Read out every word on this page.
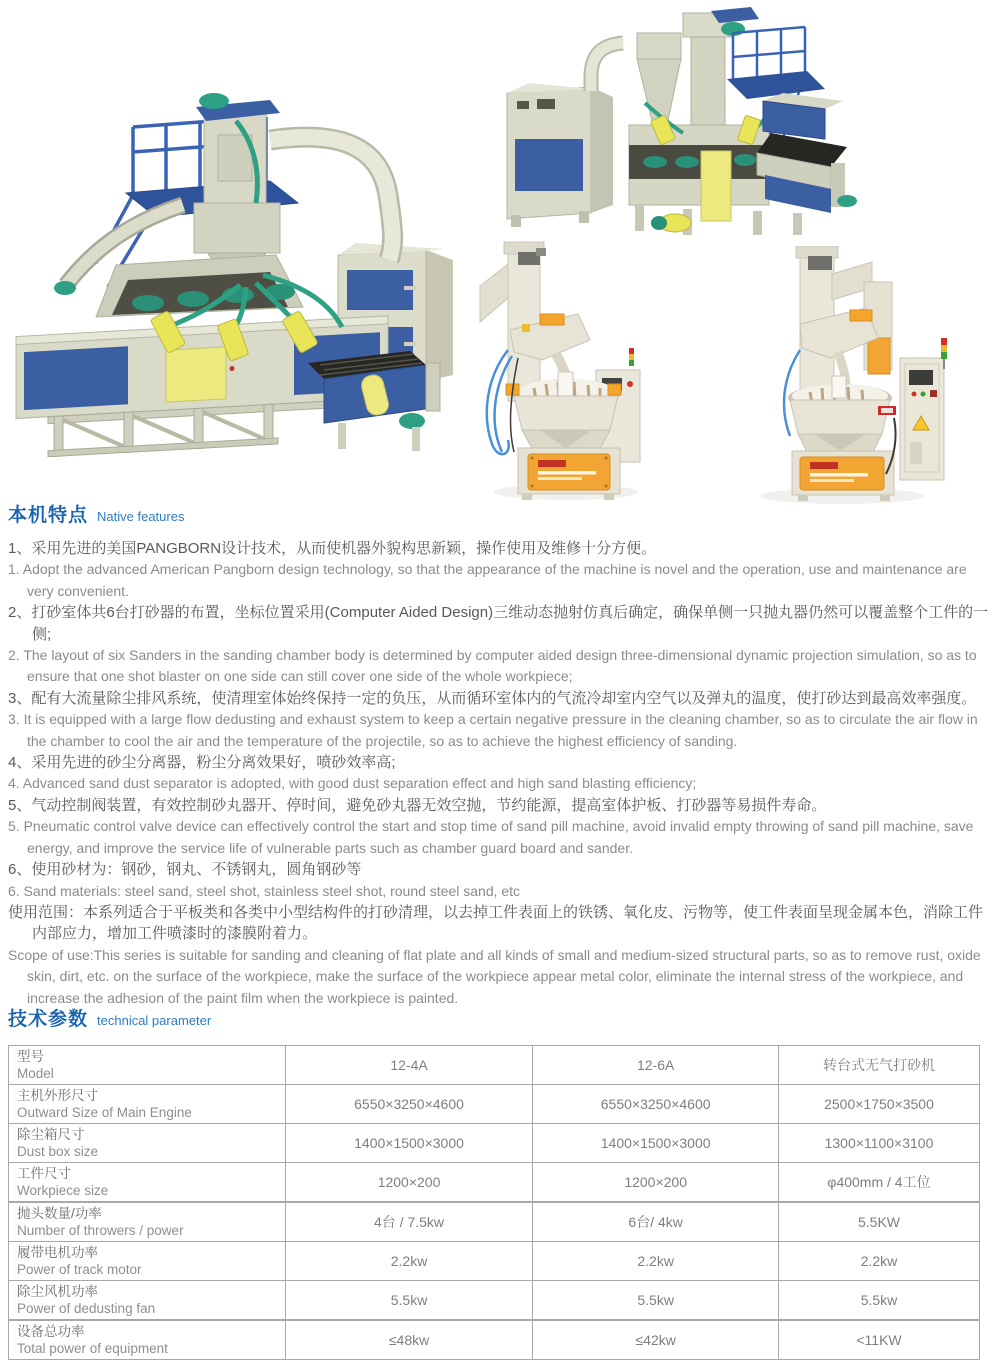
本机特点 Native features

1、采用先进的美国PANGBORN设计技术，从而使机器外貌构思新颖，操作使用及维修十分方便。

1. Adopt the advanced American Pangborn design technology, so that the appearance of the machine is novel and the operation, use and maintenance are very convenient.

2、打砂室体共6台打砂器的布置，坐标位置采用(Computer Aided Design)三维动态抛射仿真后确定，确保单侧一只抛丸器仍然可以覆盖整个工件的一侧;

2. The layout of six Sanders in the sanding chamber body is determined by computer aided design three-dimensional dynamic projection simulation, so as to ensure that one shot blaster on one side can still cover one side of the whole workpiece;

3、配有大流量除尘排风系统，使清理室体始终保持一定的负压，从而循环室体内的气流冷却室内空气以及弹丸的温度，使打砂达到最高效率强度。

3. It is equipped with a large flow dedusting and exhaust system to keep a certain negative pressure in the cleaning chamber, so as to circulate the air flow in the chamber to cool the air and the temperature of the projectile, so as to achieve the highest efficiency of sanding.

4、采用先进的砂尘分离器，粉尘分离效果好，喷砂效率高;

4. Advanced sand dust separator is adopted, with good dust separation effect and high sand blasting efficiency;

5、气动控制阀装置，有效控制砂丸器开、停时间，避免砂丸器无效空抛，节约能源，提高室体护板、打砂器等易损件寿命。

5. Pneumatic control valve device can effectively control the start and stop time of sand pill machine, avoid invalid empty throwing of sand pill machine, save energy, and improve the service life of vulnerable parts such as chamber guard board and sander.

6、使用砂材为：钢砂，钢丸、不锈钢丸，圆角钢砂等

6. Sand materials: steel sand, steel shot, stainless steel shot, round steel sand, etc

使用范围：本系列适合于平板类和各类中小型结构件的打砂清理，以去掉工件表面上的铁锈、氧化皮、污物等，使工件表面呈现金属本色，消除工件内部应力，增加工件喷漆时的漆膜附着力。

Scope of use:This series is suitable for sanding and cleaning of flat plate and all kinds of small and medium-sized structural parts, so as to remove rust, oxide skin, dirt, etc. on the surface of the workpiece, make the surface of the workpiece appear metal color, eliminate the internal stress of the workpiece, and increase the adhesion of the paint film when the workpiece is painted.

技术参数 technical parameter
型号
Model	12-4A	12-6A	转台式无气打砂机

主机外形尺寸
Outward Size of Main Engine	6550×3250×4600	6550×3250×4600	2500×1750×3500

除尘箱尺寸
Dust box size	1400×1500×3000	1400×1500×3000	1300×1100×3100

工件尺寸
Workpiece size	1200×200	1200×200	φ400mm / 4工位

抛头数量/功率
Number of throwers / power	4台 / 7.5kw	6台/ 4kw	5.5KW

履带电机功率
Power of track motor	2.2kw	2.2kw	2.2kw

除尘风机功率
Power of dedusting fan	5.5kw	5.5kw	5.5kw

设备总功率
Total power of equipment	≤48kw	≤42kw	<11KW
